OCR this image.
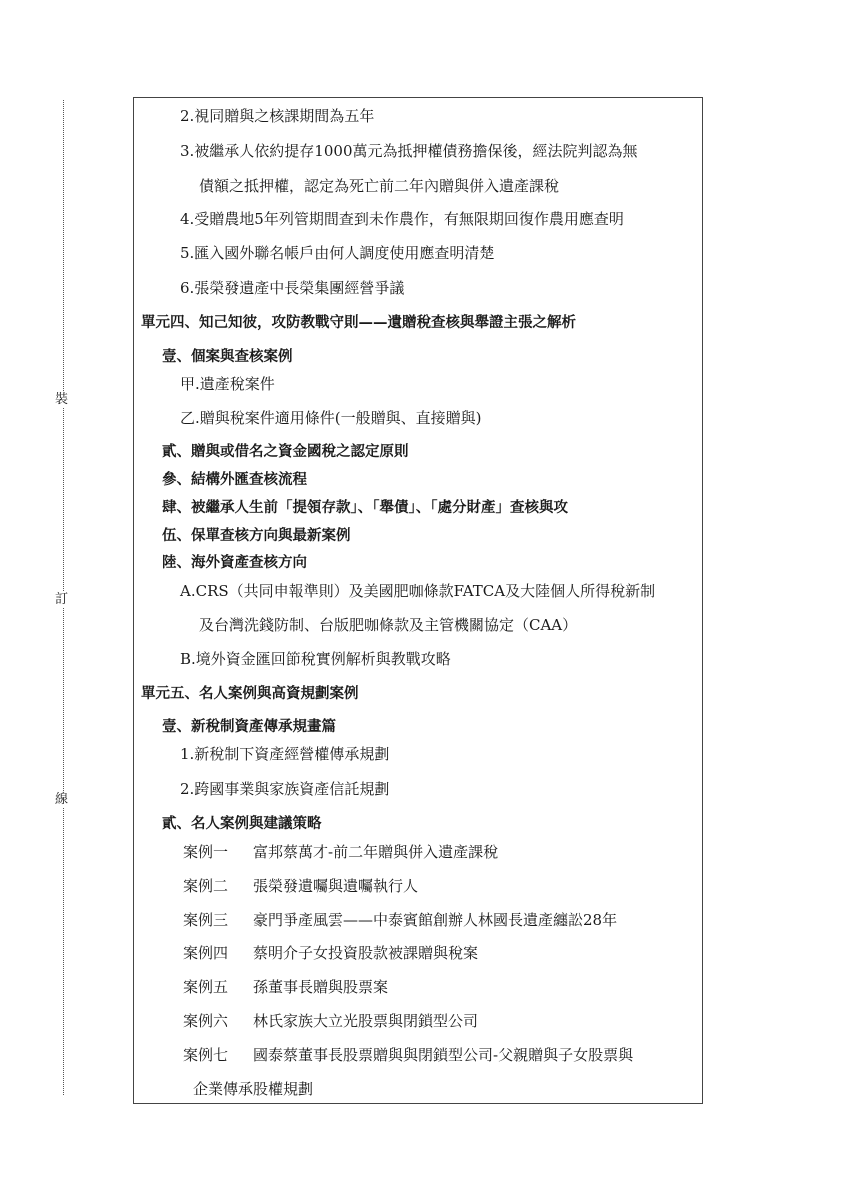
裝
訂
線
2.視同贈與之核課期間為五年
3.被繼承人依約提存1000萬元為抵押權債務擔保後，經法院判認為無
債額之抵押權，認定為死亡前二年內贈與併入遺產課稅
4.受贈農地5年列管期間查到未作農作，有無限期回復作農用應查明
5.匯入國外聯名帳戶由何人調度使用應查明清楚
6.張榮發遺產中長榮集團經營爭議
單元四、知己知彼，攻防教戰守則——遺贈稅查核與舉證主張之解析
壹、個案與查核案例
甲.遺產稅案件
乙.贈與稅案件適用條件(一般贈與、直接贈與)
貳、贈與或借名之資金國稅之認定原則
參、結構外匯查核流程
肆、被繼承人生前「提領存款」、「舉債」、「處分財產」查核與攻
伍、保單查核方向與最新案例
陸、海外資產查核方向
A.CRS（共同申報準則）及美國肥咖條款FATCA及大陸個人所得稅新制
及台灣洗錢防制、台版肥咖條款及主管機關協定（CAA）
B.境外資金匯回節稅實例解析與教戰攻略
單元五、名人案例與高資規劃案例
壹、新稅制資產傳承規畫篇
1.新稅制下資產經營權傳承規劃
2.跨國事業與家族資產信託規劃
貳、名人案例與建議策略
案例一 富邦蔡萬才-前二年贈與併入遺產課稅
案例二 張榮發遺囑與遺囑執行人
案例三 豪門爭產風雲——中泰賓館創辦人林國長遺產纏訟28年
案例四 蔡明介子女投資股款被課贈與稅案
案例五 孫董事長贈與股票案
案例六 林氏家族大立光股票與閉鎖型公司
案例七 國泰蔡董事長股票贈與與閉鎖型公司-父親贈與子女股票與
企業傳承股權規劃
